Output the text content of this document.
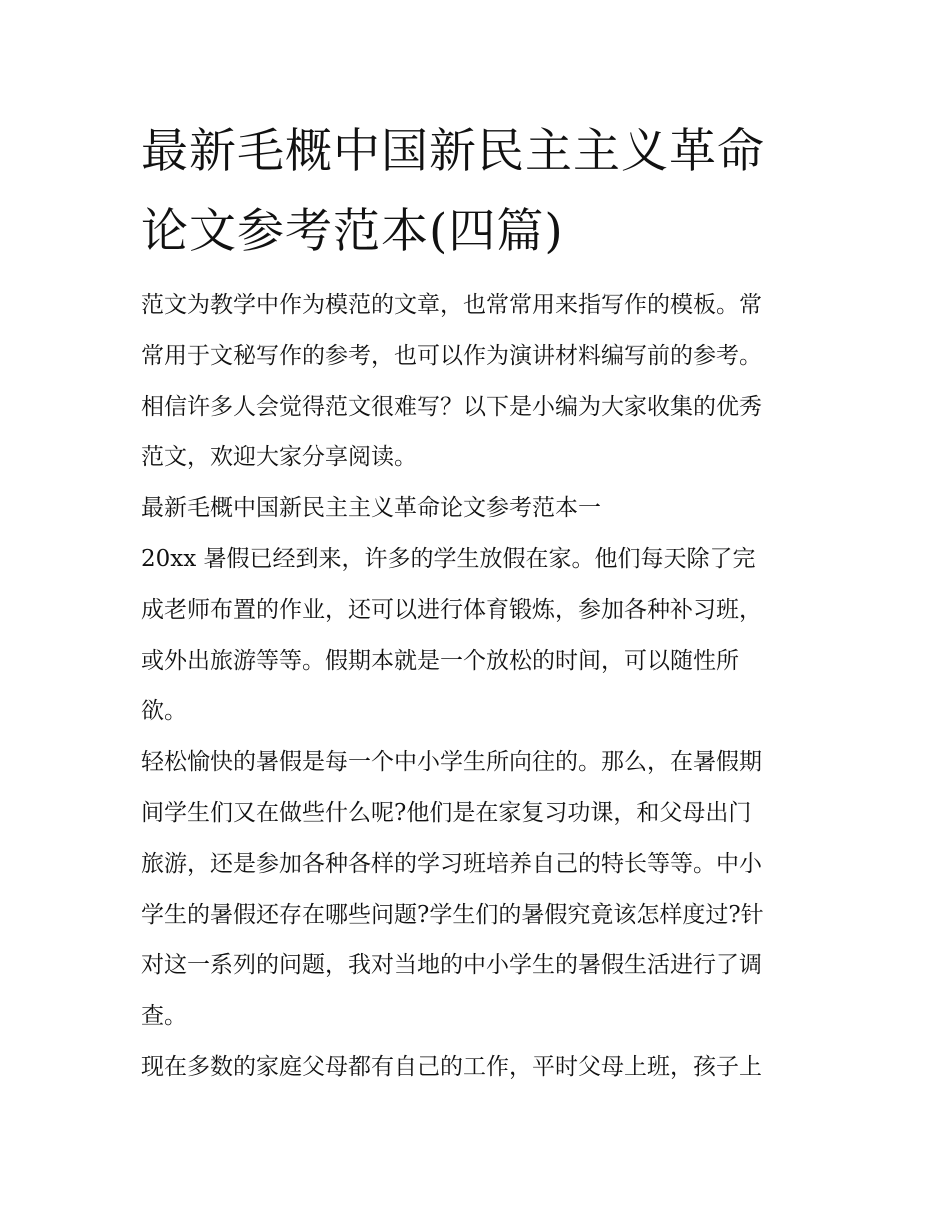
最新毛概中国新民主主义革命
论文参考范本(四篇)
范文为教学中作为模范的文章，也常常用来指写作的模板。常
常用于文秘写作的参考，也可以作为演讲材料编写前的参考。
相信许多人会觉得范文很难写？以下是小编为大家收集的优秀
范文，欢迎大家分享阅读。
最新毛概中国新民主主义革命论文参考范本一
20xx 暑假已经到来，许多的学生放假在家。他们每天除了完
成老师布置的作业，还可以进行体育锻炼，参加各种补习班，
或外出旅游等等。假期本就是一个放松的时间，可以随性所
欲。
轻松愉快的暑假是每一个中小学生所向往的。那么，在暑假期
间学生们又在做些什么呢?他们是在家复习功课，和父母出门
旅游，还是参加各种各样的学习班培养自己的特长等等。中小
学生的暑假还存在哪些问题?学生们的暑假究竟该怎样度过?针
对这一系列的问题，我对当地的中小学生的暑假生活进行了调
查。
现在多数的家庭父母都有自己的工作，平时父母上班，孩子上
